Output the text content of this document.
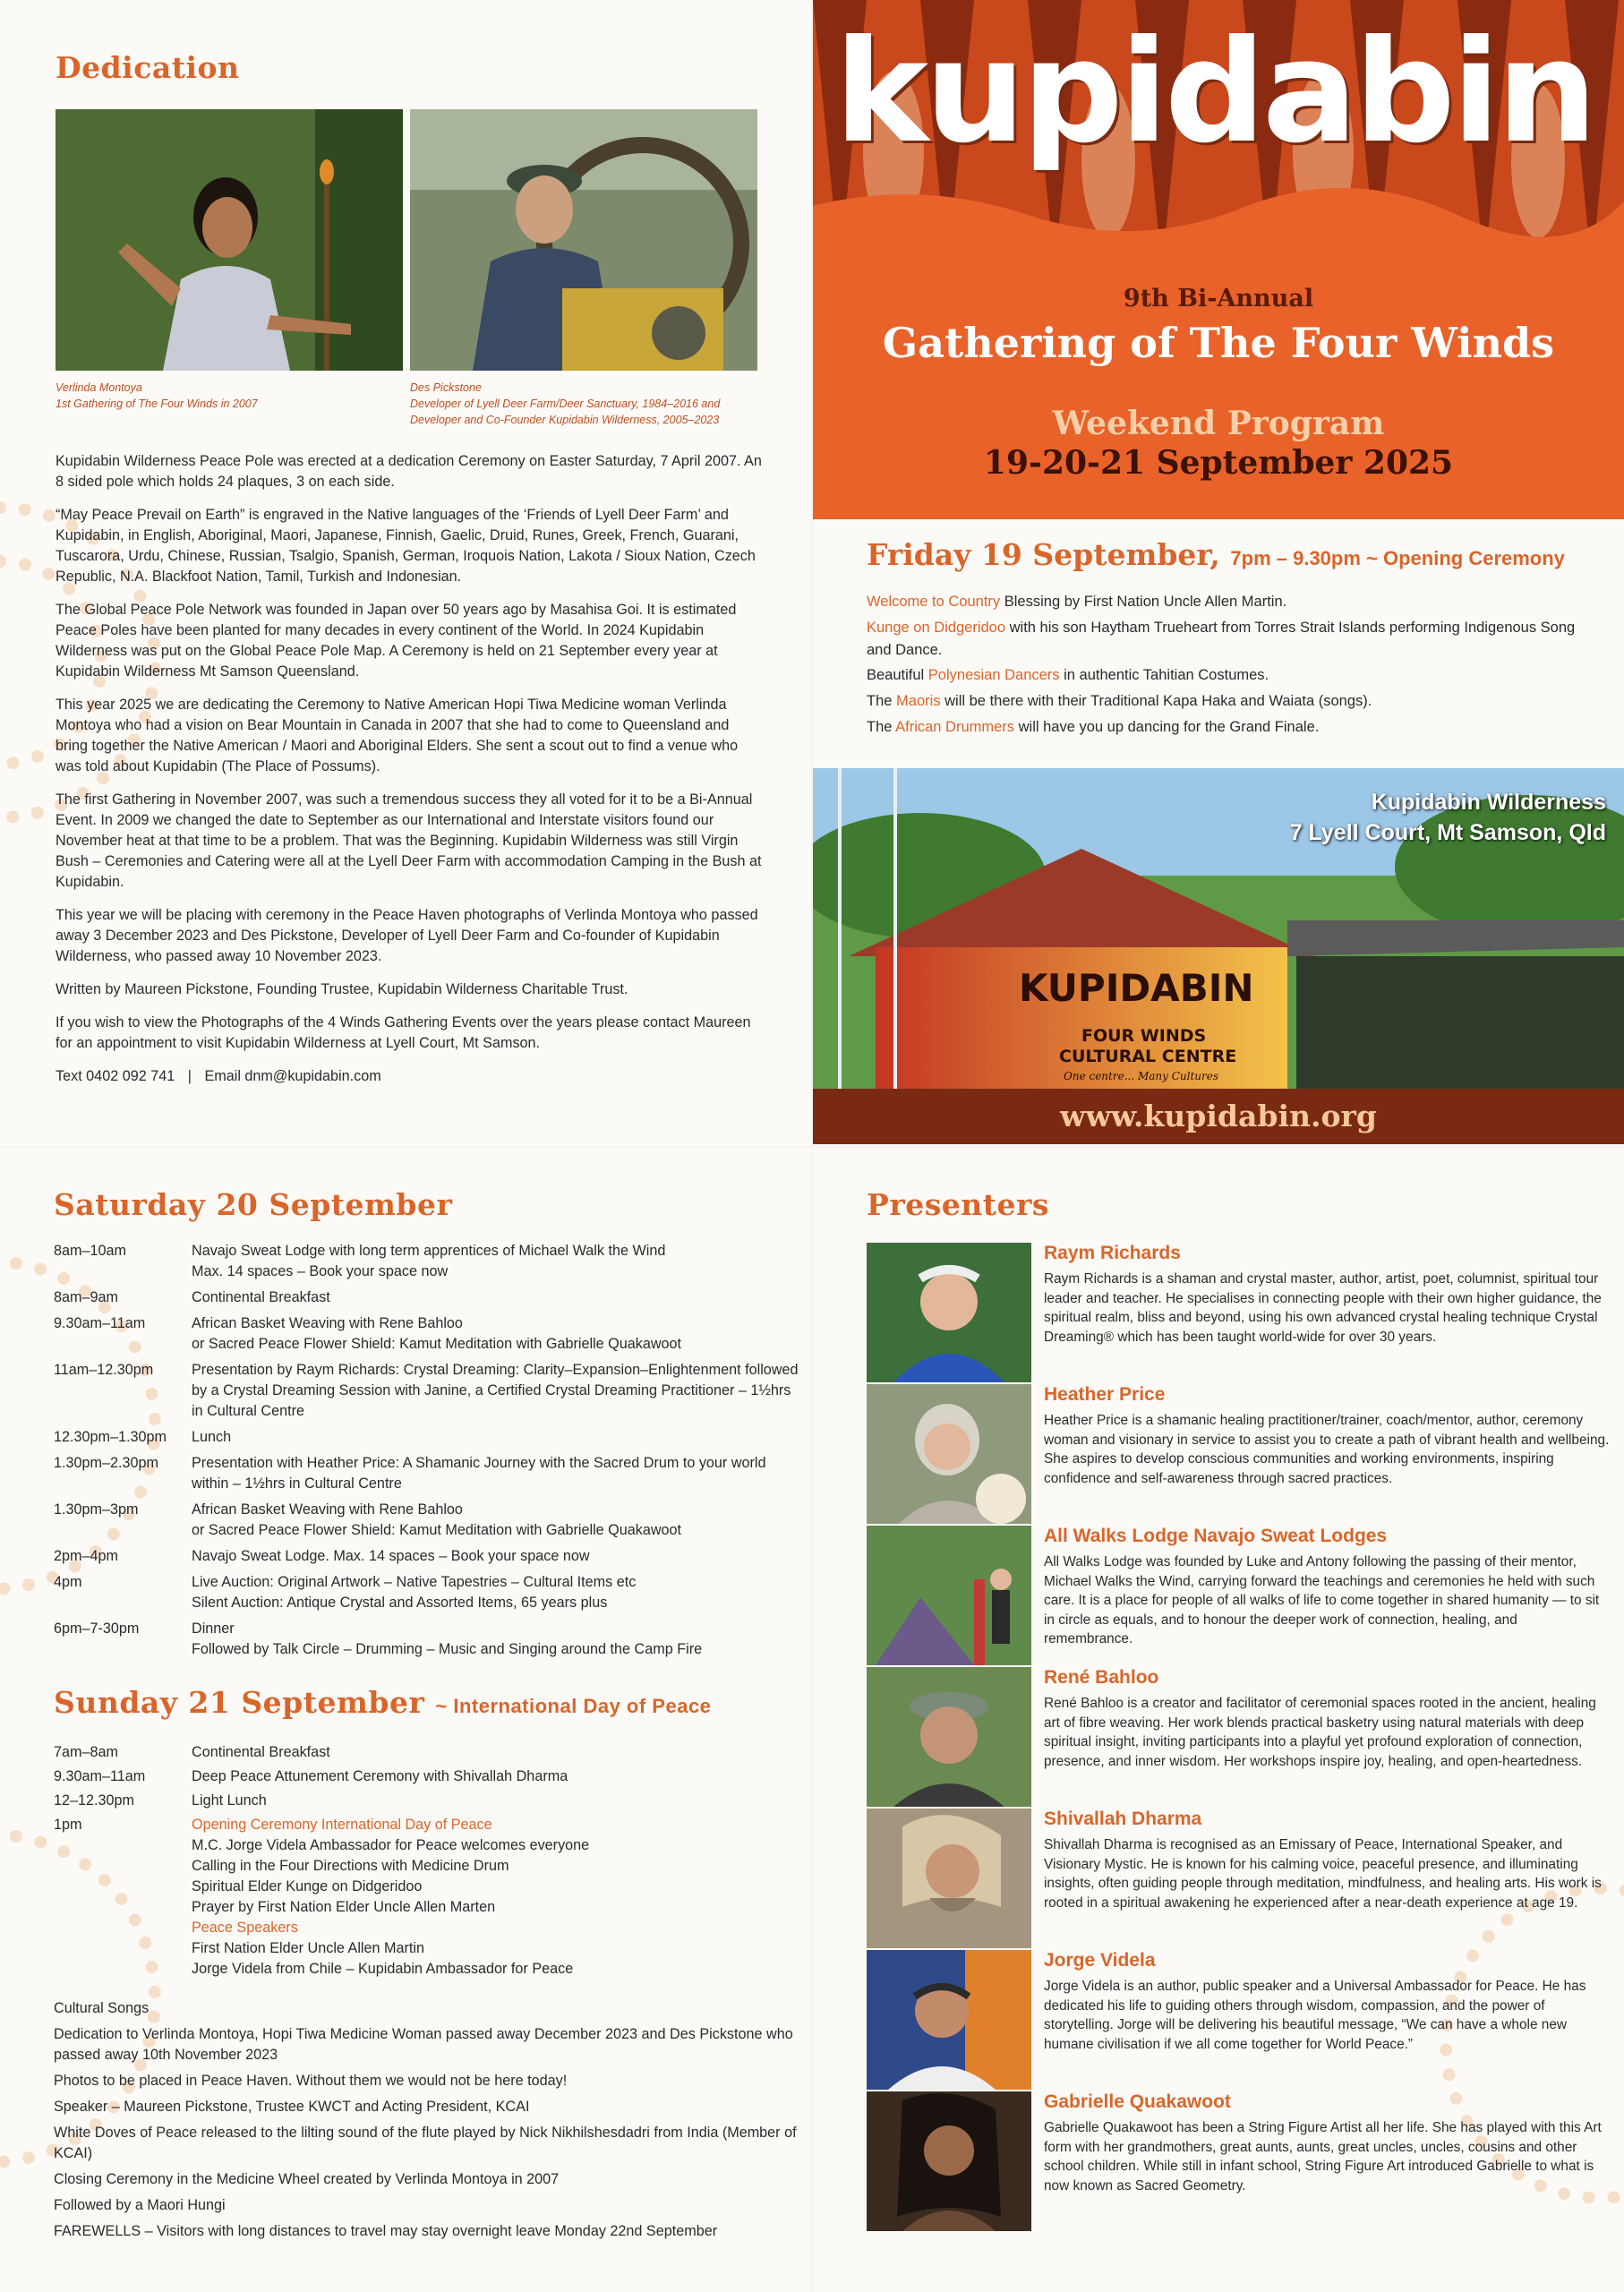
Dedication
Verlinda Montoya
1st Gathering of The Four Winds in 2007
Des Pickstone
Developer of Lyell Deer Farm/Deer Sanctuary, 1984–2016 and
Developer and Co-Founder Kupidabin Wilderness, 2005–2023

Kupidabin Wilderness Peace Pole was erected at a dedication Ceremony on Easter Saturday, 7 April 2007. An 8 sided pole which holds 24 plaques, 3 on each side.

“May Peace Prevail on Earth” is engraved in the Native languages of the ‘Friends of Lyell Deer Farm’ and Kupidabin, in English, Aboriginal, Maori, Japanese, Finnish, Gaelic, Druid, Runes, Greek, French, Guarani, Tuscarora, Urdu, Chinese, Russian, Tsalgio, Spanish, German, Iroquois Nation, Lakota / Sioux Nation, Czech Republic, N.A. Blackfoot Nation, Tamil, Turkish and Indonesian.

The Global Peace Pole Network was founded in Japan over 50 years ago by Masahisa Goi. It is estimated Peace Poles have been planted for many decades in every continent of the World. In 2024 Kupidabin Wilderness was put on the Global Peace Pole Map. A Ceremony is held on 21 September every year at Kupidabin Wilderness Mt Samson Queensland.

This year 2025 we are dedicating the Ceremony to Native American Hopi Tiwa Medicine woman Verlinda Montoya who had a vision on Bear Mountain in Canada in 2007 that she had to come to Queensland and bring together the Native American / Maori and Aboriginal Elders. She sent a scout out to find a venue who was told about Kupidabin (The Place of Possums).

The first Gathering in November 2007, was such a tremendous success they all voted for it to be a Bi-Annual Event. In 2009 we changed the date to September as our International and Interstate visitors found our November heat at that time to be a problem. That was the Beginning. Kupidabin Wilderness was still Virgin Bush – Ceremonies and Catering were all at the Lyell Deer Farm with accommodation Camping in the Bush at Kupidabin.

This year we will be placing with ceremony in the Peace Haven photographs of Verlinda Montoya who passed away 3 December 2023 and Des Pickstone, Developer of Lyell Deer Farm and Co-founder of Kupidabin Wilderness, who passed away 10 November 2023.

Written by Maureen Pickstone, Founding Trustee, Kupidabin Wilderness Charitable Trust.

If you wish to view the Photographs of the 4 Winds Gathering Events over the years please contact Maureen for an appointment to visit Kupidabin Wilderness at Lyell Court, Mt Samson.

Text 0402 092 741 | Email dnm@kupidabin.com

kupidabin
9th Bi-Annual
Gathering of The Four Winds
Weekend Program
19-20-21 September 2025
Friday 19 September, 7pm – 9.30pm ~ Opening Ceremony

Welcome to Country Blessing by First Nation Uncle Allen Martin.

Kunge on Didgeridoo with his son Haytham Trueheart from Torres Strait Islands performing Indigenous Song and Dance.

Beautiful Polynesian Dancers in authentic Tahitian Costumes.

The Maoris will be there with their Traditional Kapa Haka and Waiata (songs).

The African Drummers will have you up dancing for the Grand Finale.

KUPIDABIN
FOUR WINDS
CULTURAL CENTRE
One centre... Many Cultures
Kupidabin Wilderness
7 Lyell Court, Mt Samson, Qld
www.kupidabin.org
Saturday 20 September
8am–10am	Navajo Sweat Lodge with long term apprentices of Michael Walk the Wind
Max. 14 spaces – Book your space now
8am–9am	Continental Breakfast
9.30am–11am	African Basket Weaving with Rene Bahloo
or Sacred Peace Flower Shield: Kamut Meditation with Gabrielle Quakawoot
11am–12.30pm	Presentation by Raym Richards: Crystal Dreaming: Clarity–Expansion–Enlightenment followed by a Crystal Dreaming Session with Janine, a Certified Crystal Dreaming Practitioner – 1½hrs in Cultural Centre
12.30pm–1.30pm	Lunch
1.30pm–2.30pm	Presentation with Heather Price: A Shamanic Journey with the Sacred Drum to your world within – 1½hrs in Cultural Centre
1.30pm–3pm	African Basket Weaving with Rene Bahloo
or Sacred Peace Flower Shield: Kamut Meditation with Gabrielle Quakawoot
2pm–4pm	Navajo Sweat Lodge. Max. 14 spaces – Book your space now
4pm	Live Auction: Original Artwork – Native Tapestries – Cultural Items etc
Silent Auction: Antique Crystal and Assorted Items, 65 years plus
6pm–7-30pm	Dinner
Followed by Talk Circle – Drumming – Music and Singing around the Camp Fire
Sunday 21 September ~ International Day of Peace
7am–8am	Continental Breakfast
9.30am–11am	Deep Peace Attunement Ceremony with Shivallah Dharma
12–12.30pm	Light Lunch
1pm	Opening Ceremony International Day of Peace
M.C. Jorge Videla Ambassador for Peace welcomes everyone
Calling in the Four Directions with Medicine Drum
Spiritual Elder Kunge on Didgeridoo
Prayer by First Nation Elder Uncle Allen Marten
Peace Speakers
First Nation Elder Uncle Allen Martin
Jorge Videla from Chile – Kupidabin Ambassador for Peace

Cultural Songs

Dedication to Verlinda Montoya, Hopi Tiwa Medicine Woman passed away December 2023 and Des Pickstone who passed away 10th November 2023

Photos to be placed in Peace Haven. Without them we would not be here today!

Speaker – Maureen Pickstone, Trustee KWCT and Acting President, KCAI

White Doves of Peace released to the lilting sound of the flute played by Nick Nikhilshesdadri from India (Member of KCAI)

Closing Ceremony in the Medicine Wheel created by Verlinda Montoya in 2007

Followed by a Maori Hungi

FAREWELLS – Visitors with long distances to travel may stay overnight leave Monday 22nd September

Presenters
Raym Richards
Raym Richards is a shaman and crystal master, author, artist, poet, columnist, spiritual tour leader and teacher. He specialises in connecting people with their own higher guidance, the spiritual realm, bliss and beyond, using his own advanced crystal healing technique Crystal Dreaming® which has been taught world-wide for over 30 years.
Heather Price
Heather Price is a shamanic healing practitioner/trainer, coach/mentor, author, ceremony woman and visionary in service to assist you to create a path of vibrant health and wellbeing. She aspires to develop conscious communities and working environments, inspiring confidence and self-awareness through sacred practices.
All Walks Lodge Navajo Sweat Lodges
All Walks Lodge was founded by Luke and Antony following the passing of their mentor, Michael Walks the Wind, carrying forward the teachings and ceremonies he held with such care. It is a place for people of all walks of life to come together in shared humanity — to sit in circle as equals, and to honour the deeper work of connection, healing, and remembrance.
René Bahloo
René Bahloo is a creator and facilitator of ceremonial spaces rooted in the ancient, healing art of fibre weaving. Her work blends practical basketry using natural materials with deep spiritual insight, inviting participants into a playful yet profound exploration of connection, presence, and inner wisdom. Her workshops inspire joy, healing, and open-heartedness.
Shivallah Dharma
Shivallah Dharma is recognised as an Emissary of Peace, International Speaker, and Visionary Mystic. He is known for his calming voice, peaceful presence, and illuminating insights, often guiding people through meditation, mindfulness, and healing arts. His work is rooted in a spiritual awakening he experienced after a near-death experience at age 19.
Jorge Videla
Jorge Videla is an author, public speaker and a Universal Ambassador for Peace. He has dedicated his life to guiding others through wisdom, compassion, and the power of storytelling. Jorge will be delivering his beautiful message, “We can have a whole new humane civilisation if we all come together for World Peace.”
Gabrielle Quakawoot
Gabrielle Quakawoot has been a String Figure Artist all her life. She has played with this Art form with her grandmothers, great aunts, aunts, great uncles, uncles, cousins and other school children. While still in infant school, String Figure Art introduced Gabrielle to what is now known as Sacred Geometry.
